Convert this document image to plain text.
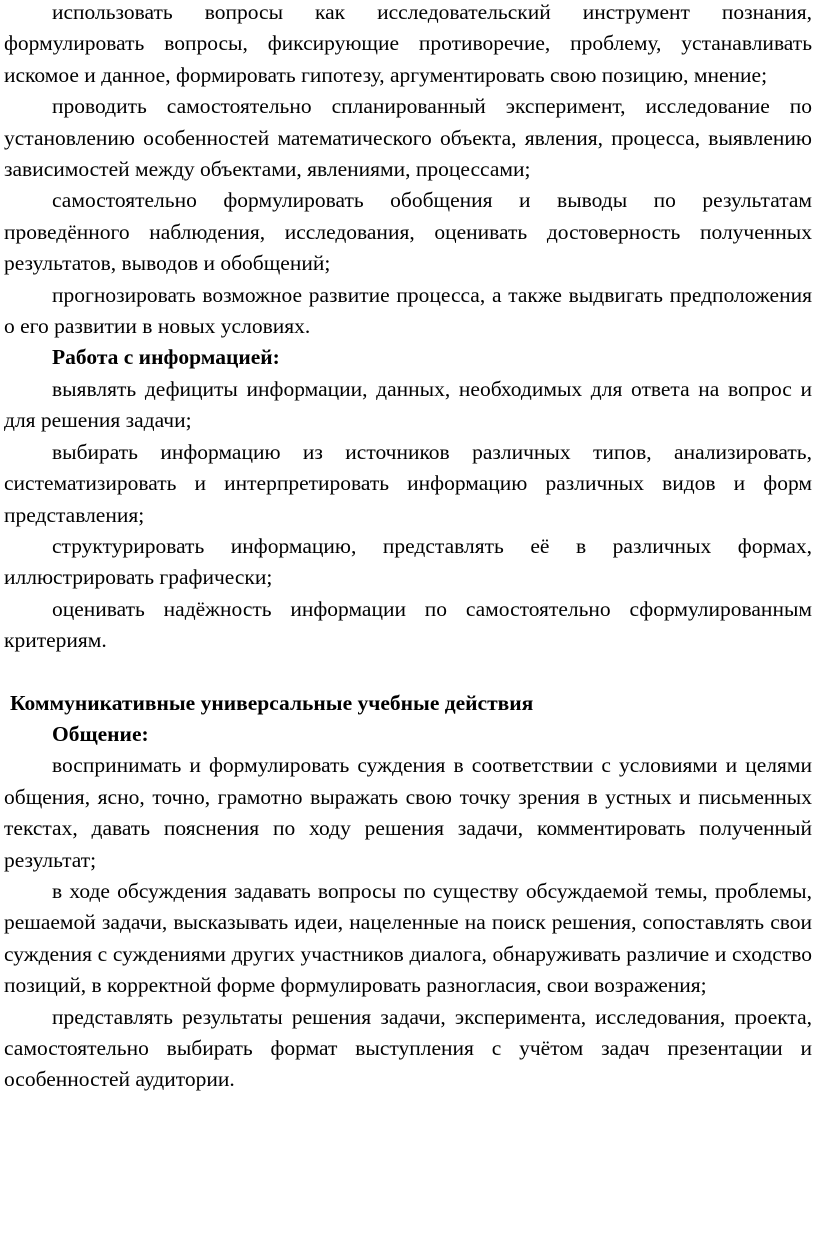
использовать вопросы как исследовательский инструмент познания, формулировать вопросы, фиксирующие противоречие, проблему, устанавливать искомое и данное, формировать гипотезу, аргументировать свою позицию, мнение;

проводить самостоятельно спланированный эксперимент, исследование по установлению особенностей математического объекта, явления, процесса, выявлению зависимостей между объектами, явлениями, процессами;

самостоятельно формулировать обобщения и выводы по результатам проведённого наблюдения, исследования, оценивать достоверность полученных результатов, выводов и обобщений;

прогнозировать возможное развитие процесса, а также выдвигать предположения о его развитии в новых условиях.

Работа с информацией:

выявлять дефициты информации, данных, необходимых для ответа на вопрос и для решения задачи;

выбирать информацию из источников различных типов, анализировать, систематизировать и интерпретировать информацию различных видов и форм представления;

структурировать информацию, представлять её в различных формах, иллюстрировать графически;

оценивать надёжность информации по самостоятельно сформулированным критериям.

Коммуникативные универсальные учебные действия

Общение:

воспринимать и формулировать суждения в соответствии с условиями и целями общения, ясно, точно, грамотно выражать свою точку зрения в устных и письменных текстах, давать пояснения по ходу решения задачи, комментировать полученный результат;

в ходе обсуждения задавать вопросы по существу обсуждаемой темы, проблемы, решаемой задачи, высказывать идеи, нацеленные на поиск решения, сопоставлять свои суждения с суждениями других участников диалога, обнаруживать различие и сходство позиций, в корректной форме формулировать разногласия, свои возражения;

представлять результаты решения задачи, эксперимента, исследования, проекта, самостоятельно выбирать формат выступления с учётом задач презентации и особенностей аудитории.
